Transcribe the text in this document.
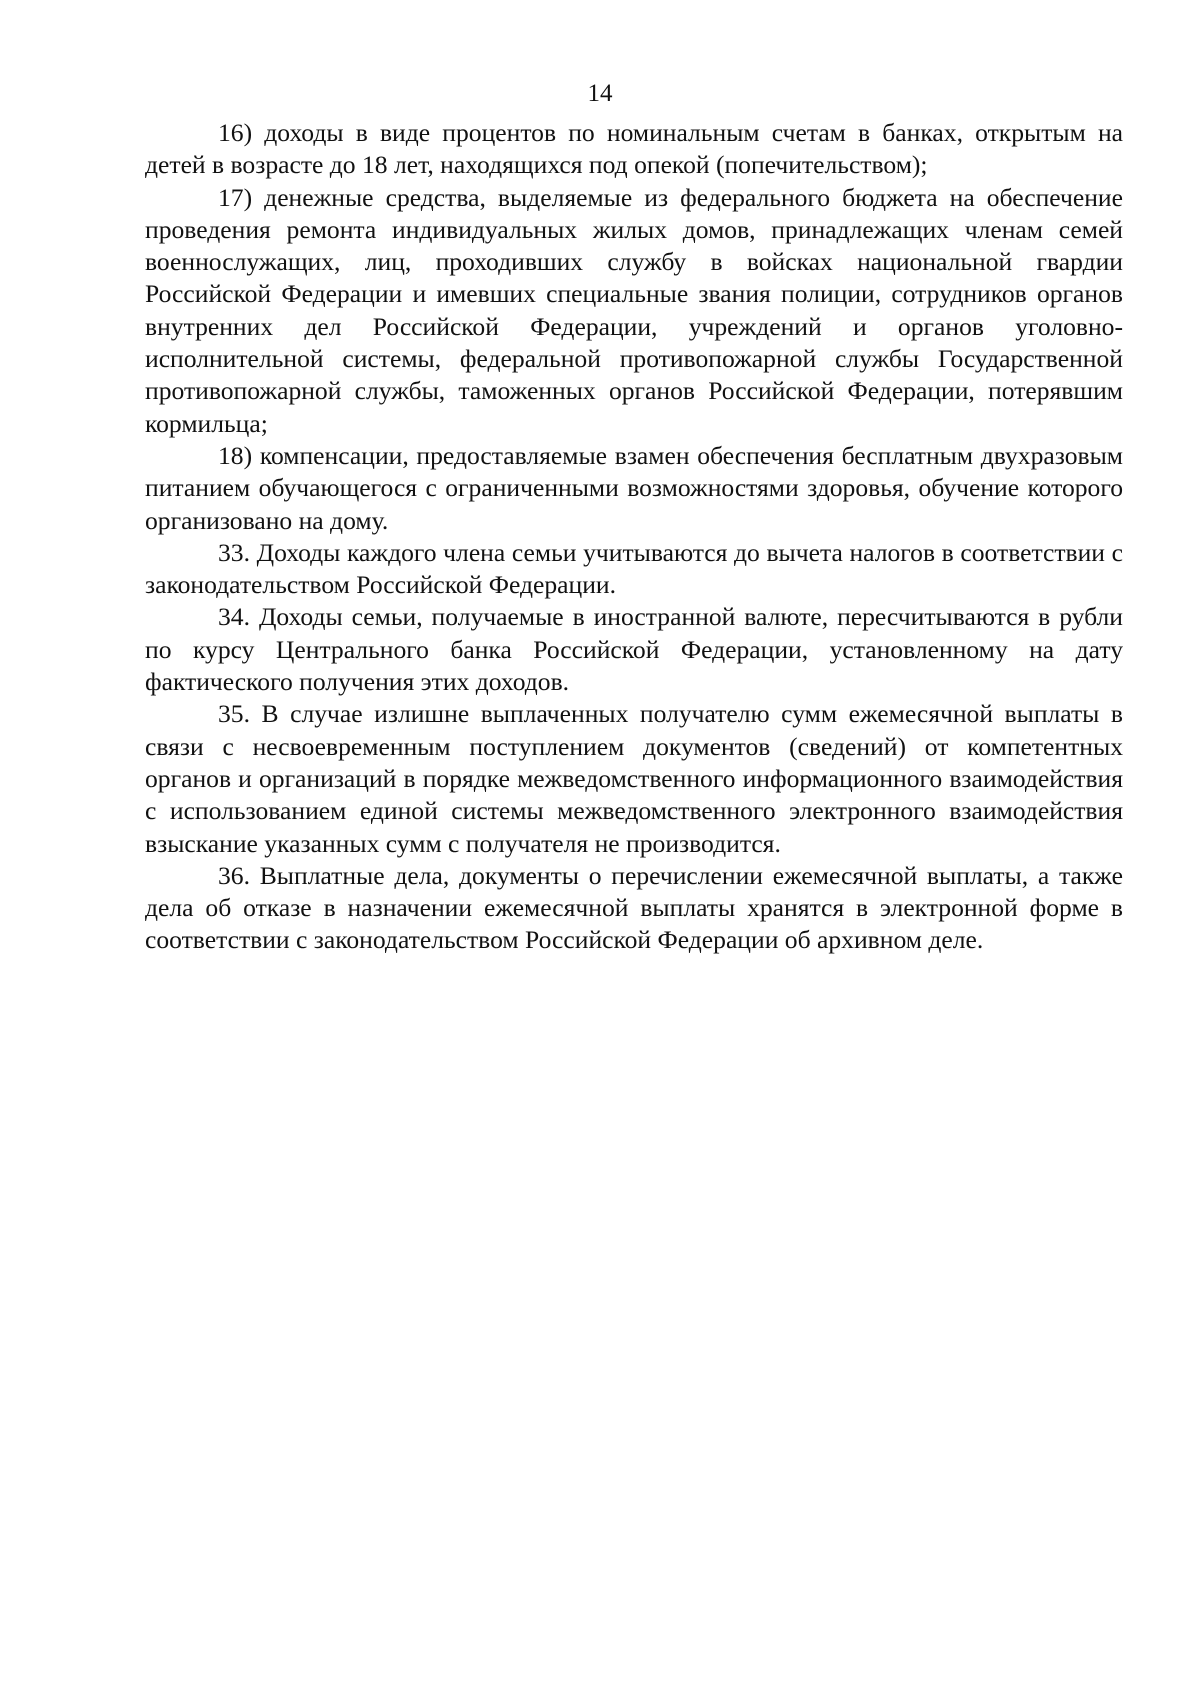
14

16) доходы в виде процентов по номинальным счетам в банках, открытым на детей в возрасте до 18 лет, находящихся под опекой (попечительством);

17) денежные средства, выделяемые из федерального бюджета на обеспечение проведения ремонта индивидуальных жилых домов, принадлежащих членам семей военнослужащих, лиц, проходивших службу в войсках национальной гвардии Российской Федерации и имевших специальные звания полиции, сотрудников органов внутренних дел Российской Федерации, учреждений и органов уголовно-исполнительной системы, федеральной противопожарной службы Государственной противопожарной службы, таможенных органов Российской Федерации, потерявшим кормильца;

18) компенсации, предоставляемые взамен обеспечения бесплатным двухразовым питанием обучающегося с ограниченными возможностями здоровья, обучение которого организовано на дому.

33. Доходы каждого члена семьи учитываются до вычета налогов в соответствии с законодательством Российской Федерации.

34. Доходы семьи, получаемые в иностранной валюте, пересчитываются в рубли по курсу Центрального банка Российской Федерации, установленному на дату фактического получения этих доходов.

35. В случае излишне выплаченных получателю сумм ежемесячной выплаты в связи с несвоевременным поступлением документов (сведений) от компетентных органов и организаций в порядке межведомственного информационного взаимодействия с использованием единой системы межведомственного электронного взаимодействия взыскание указанных сумм с получателя не производится.

36. Выплатные дела, документы о перечислении ежемесячной выплаты, а также дела об отказе в назначении ежемесячной выплаты хранятся в электронной форме в соответствии с законодательством Российской Федерации об архивном деле.
